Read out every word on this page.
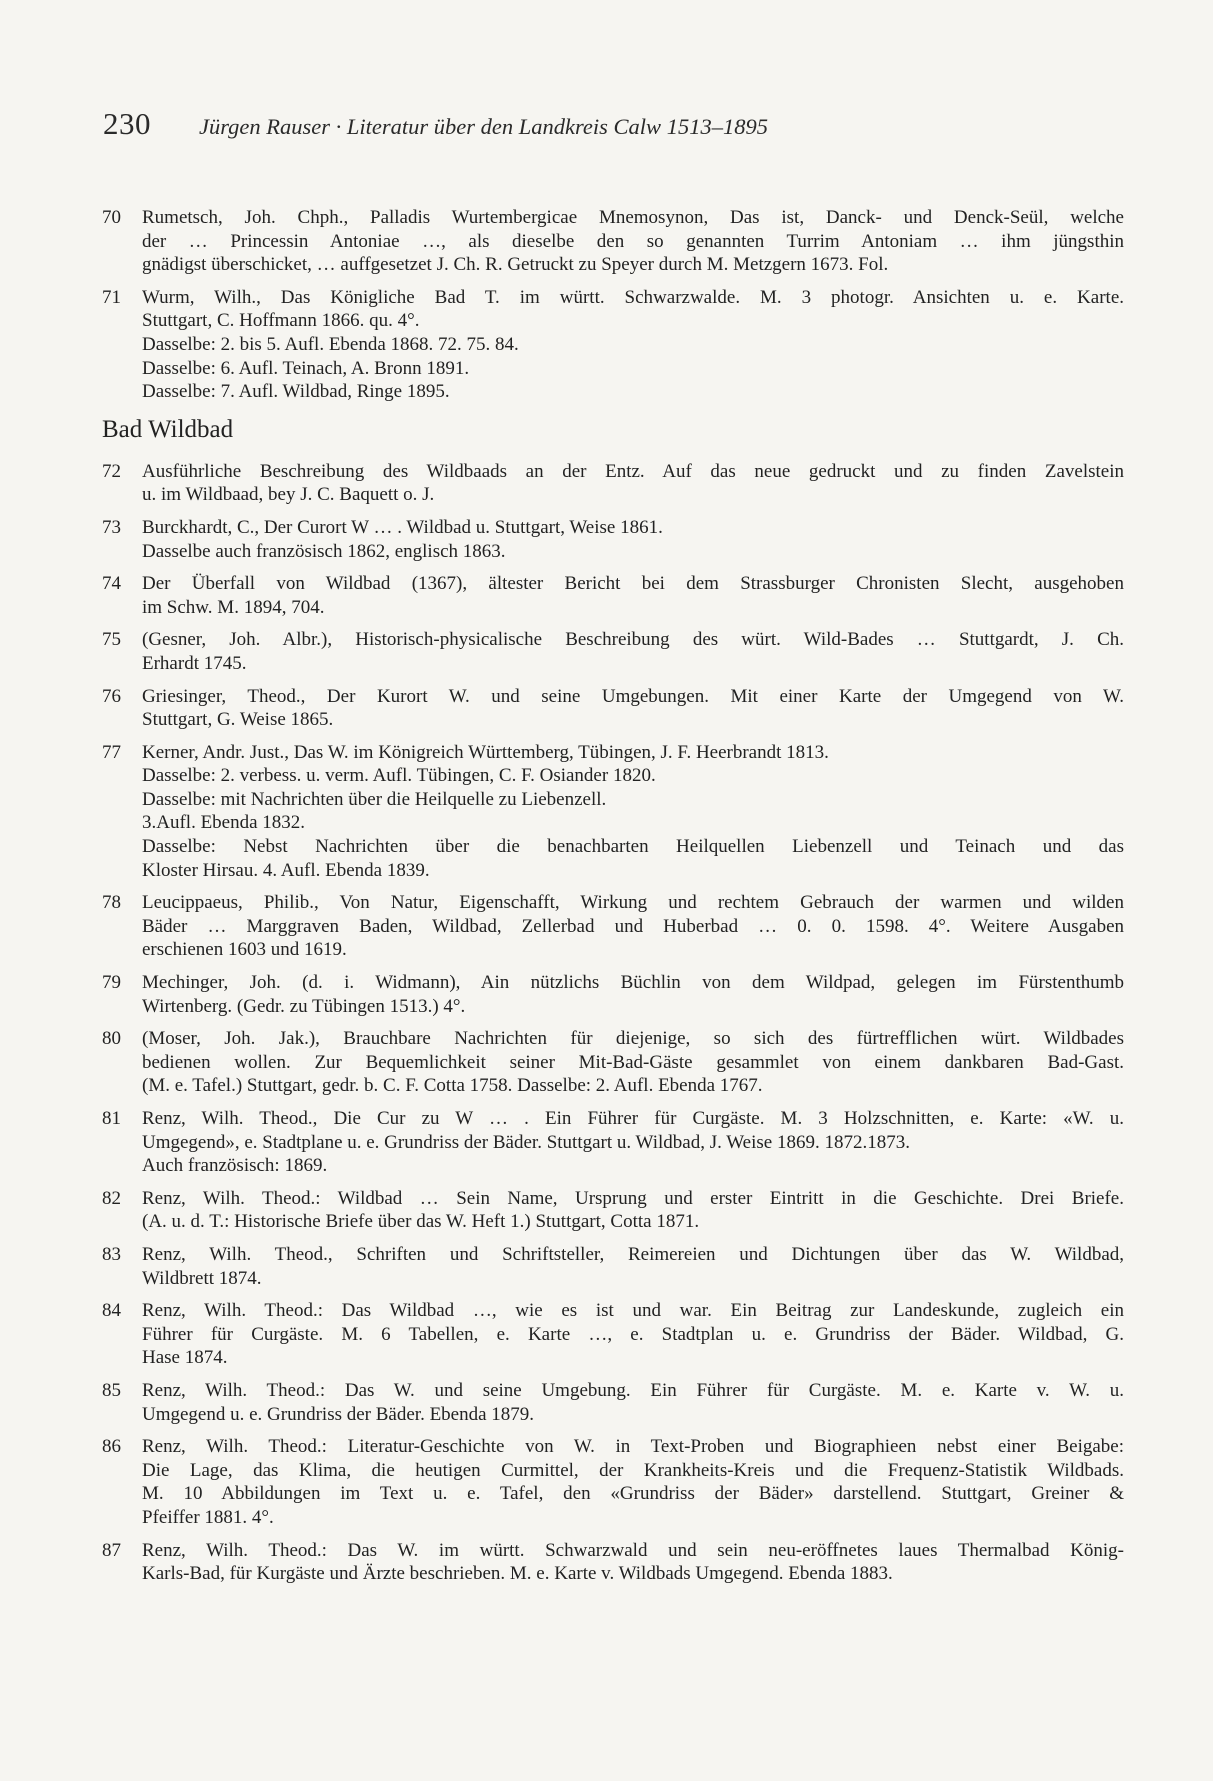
230 Jürgen Rauser · Literatur über den Landkreis Calw 1513–1895
70	Rumetsch, Joh. Chph., Palladis Wurtembergicae Mnemosynon, Das ist, Danck- und Denck-Seül, welche
der … Princessin Antoniae …, als dieselbe den so genannten Turrim Antoniam … ihm jüngsthin
gnädigst überschicket, … auffgesetzet J. Ch. R. Getruckt zu Speyer durch M. Metzgern 1673. Fol.
71	Wurm, Wilh., Das Königliche Bad T. im württ. Schwarzwalde. M. 3 photogr. Ansichten u. e. Karte.
Stuttgart, C. Hoffmann 1866. qu. 4°.
Dasselbe: 2. bis 5. Aufl. Ebenda 1868. 72. 75. 84.
Dasselbe: 6. Aufl. Teinach, A. Bronn 1891.
Dasselbe: 7. Aufl. Wildbad, Ringe 1895.
Bad Wildbad
72	Ausführliche Beschreibung des Wildbaads an der Entz. Auf das neue gedruckt und zu finden Zavelstein
u. im Wildbaad, bey J. C. Baquett o. J.
73	Burckhardt, C., Der Curort W … . Wildbad u. Stuttgart, Weise 1861.
Dasselbe auch französisch 1862, englisch 1863.
74	Der Überfall von Wildbad (1367), ältester Bericht bei dem Strassburger Chronisten Slecht, ausgehoben
im Schw. M. 1894, 704.
75	(Gesner, Joh. Albr.), Historisch-physicalische Beschreibung des würt. Wild-Bades … Stuttgardt, J. Ch.
Erhardt 1745.
76	Griesinger, Theod., Der Kurort W. und seine Umgebungen. Mit einer Karte der Umgegend von W.
Stuttgart, G. Weise 1865.
77	Kerner, Andr. Just., Das W. im Königreich Württemberg, Tübingen, J. F. Heerbrandt 1813.
Dasselbe: 2. verbess. u. verm. Aufl. Tübingen, C. F. Osiander 1820.
Dasselbe: mit Nachrichten über die Heilquelle zu Liebenzell.
3.Aufl. Ebenda 1832.
Dasselbe: Nebst Nachrichten über die benachbarten Heilquellen Liebenzell und Teinach und das
Kloster Hirsau. 4. Aufl. Ebenda 1839.
78	Leucippaeus, Philib., Von Natur, Eigenschafft, Wirkung und rechtem Gebrauch der warmen und wilden
Bäder … Marggraven Baden, Wildbad, Zellerbad und Huberbad … 0. 0. 1598. 4°. Weitere Ausgaben
erschienen 1603 und 1619.
79	Mechinger, Joh. (d. i. Widmann), Ain nützlichs Büchlin von dem Wildpad, gelegen im Fürstenthumb
Wirtenberg. (Gedr. zu Tübingen 1513.) 4°.
80	(Moser, Joh. Jak.), Brauchbare Nachrichten für diejenige, so sich des fürtrefflichen würt. Wildbades
bedienen wollen. Zur Bequemlichkeit seiner Mit-Bad-Gäste gesammlet von einem dankbaren Bad-Gast.
(M. e. Tafel.) Stuttgart, gedr. b. C. F. Cotta 1758. Dasselbe: 2. Aufl. Ebenda 1767.
81	Renz, Wilh. Theod., Die Cur zu W … . Ein Führer für Curgäste. M. 3 Holzschnitten, e. Karte: «W. u.
Umgegend», e. Stadtplane u. e. Grundriss der Bäder. Stuttgart u. Wildbad, J. Weise 1869. 1872.1873.
Auch französisch: 1869.
82	Renz, Wilh. Theod.: Wildbad … Sein Name, Ursprung und erster Eintritt in die Geschichte. Drei Briefe.
(A. u. d. T.: Historische Briefe über das W. Heft 1.) Stuttgart, Cotta 1871.
83	Renz, Wilh. Theod., Schriften und Schriftsteller, Reimereien und Dichtungen über das W. Wildbad,
Wildbrett 1874.
84	Renz, Wilh. Theod.: Das Wildbad …, wie es ist und war. Ein Beitrag zur Landeskunde, zugleich ein
Führer für Curgäste. M. 6 Tabellen, e. Karte …, e. Stadtplan u. e. Grundriss der Bäder. Wildbad, G.
Hase 1874.
85	Renz, Wilh. Theod.: Das W. und seine Umgebung. Ein Führer für Curgäste. M. e. Karte v. W. u.
Umgegend u. e. Grundriss der Bäder. Ebenda 1879.
86	Renz, Wilh. Theod.: Literatur-Geschichte von W. in Text-Proben und Biographieen nebst einer Beigabe:
Die Lage, das Klima, die heutigen Curmittel, der Krankheits-Kreis und die Frequenz-Statistik Wildbads.
M. 10 Abbildungen im Text u. e. Tafel, den «Grundriss der Bäder» darstellend. Stuttgart, Greiner &
Pfeiffer 1881. 4°.
87	Renz, Wilh. Theod.: Das W. im württ. Schwarzwald und sein neu-eröffnetes laues Thermalbad König-
Karls-Bad, für Kurgäste und Ärzte beschrieben. M. e. Karte v. Wildbads Umgegend. Ebenda 1883.
